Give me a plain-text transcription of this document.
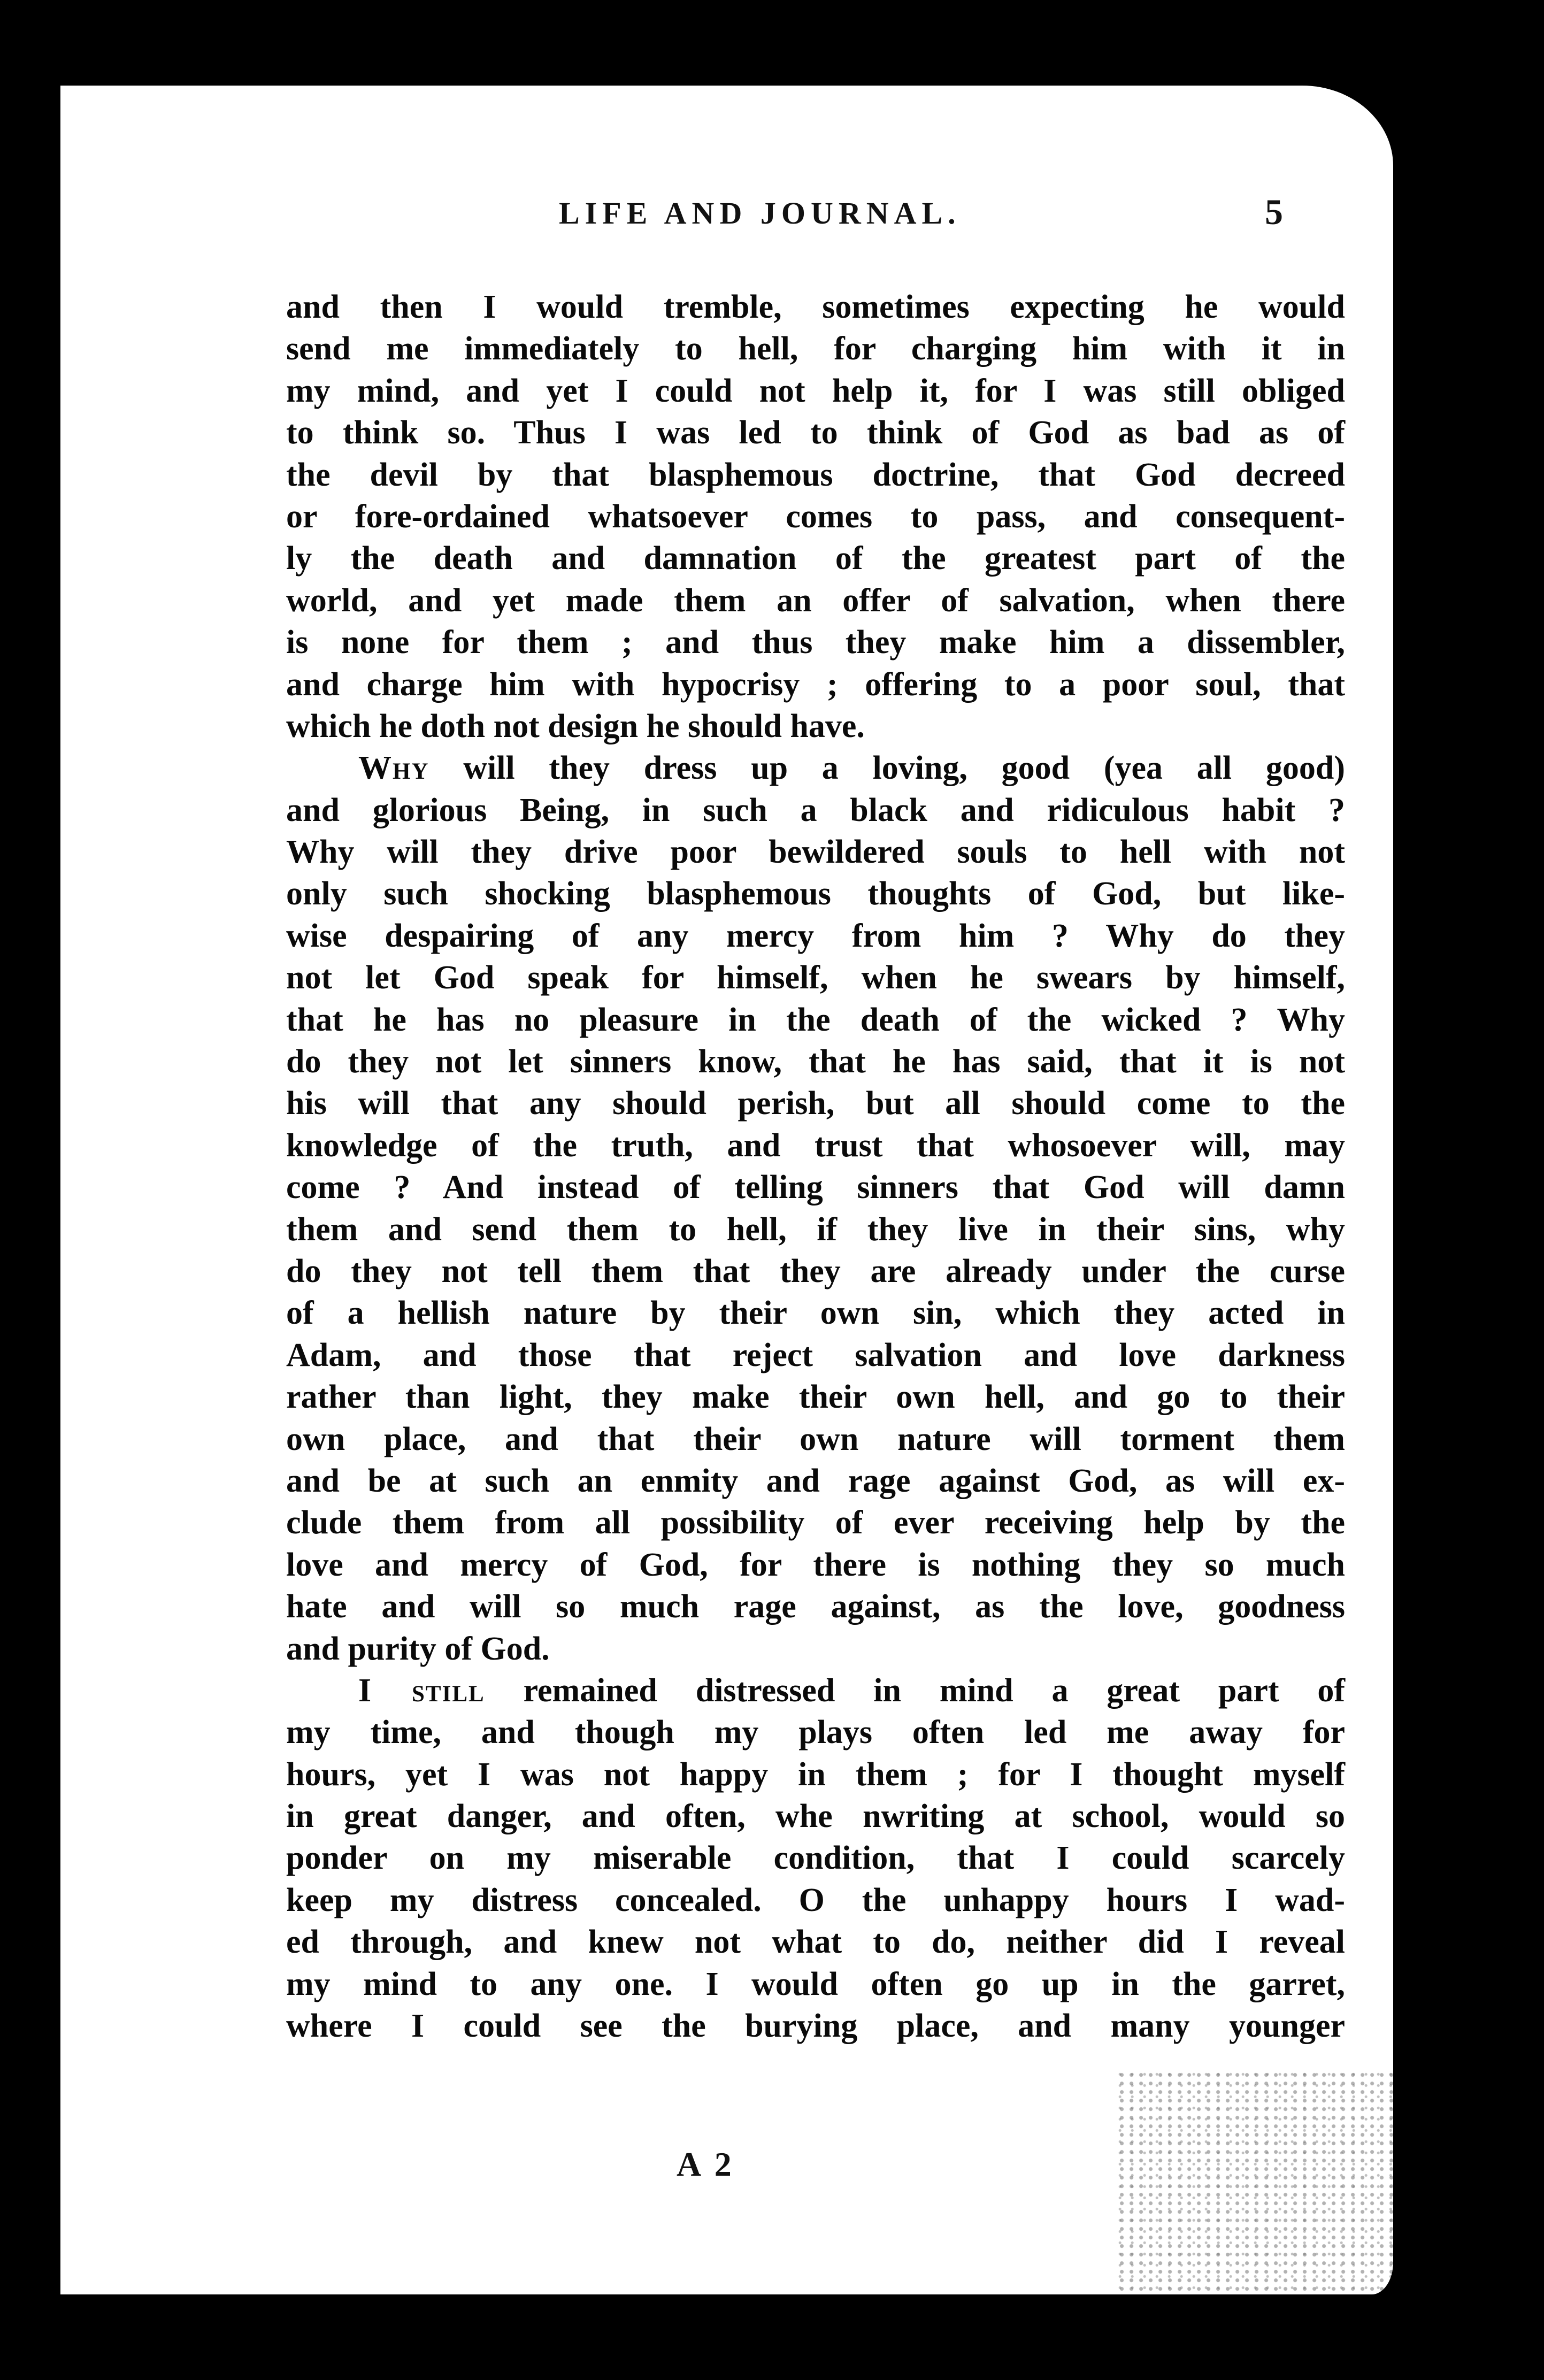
LIFE AND JOURNAL.	5
and then I would tremble, sometimes expecting he would
send me immediately to hell, for charging him with it in
my mind, and yet I could not help it, for I was still obliged
to think so. Thus I was led to think of God as bad as of
the devil by that blasphemous doctrine, that God decreed
or fore-ordained whatsoever comes to pass, and consequent-
ly the death and damnation of the greatest part of the
world, and yet made them an offer of salvation, when there
is none for them ; and thus they make him a dissembler,
and charge him with hypocrisy ; offering to a poor soul, that
which he doth not design he should have.
Why will they dress up a loving, good (yea all good)
and glorious Being, in such a black and ridiculous habit ?
Why will they drive poor bewildered souls to hell with not
only such shocking blasphemous thoughts of God, but like-
wise despairing of any mercy from him ? Why do they
not let God speak for himself, when he swears by himself,
that he has no pleasure in the death of the wicked ? Why
do they not let sinners know, that he has said, that it is not
his will that any should perish, but all should come to the
knowledge of the truth, and trust that whosoever will, may
come ? And instead of telling sinners that God will damn
them and send them to hell, if they live in their sins, why
do they not tell them that they are already under the curse
of a hellish nature by their own sin, which they acted in
Adam, and those that reject salvation and love darkness
rather than light, they make their own hell, and go to their
own place, and that their own nature will torment them
and be at such an enmity and rage against God, as will ex-
clude them from all possibility of ever receiving help by the
love and mercy of God, for there is nothing they so much
hate and will so much rage against, as the love, goodness
and purity of God.
I still remained distressed in mind a great part of
my time, and though my plays often led me away for
hours, yet I was not happy in them ; for I thought myself
in great danger, and often, whe nwriting at school, would so
ponder on my miserable condition, that I could scarcely
keep my distress concealed. O the unhappy hours I wad-
ed through, and knew not what to do, neither did I reveal
my mind to any one. I would often go up in the garret,
where I could see the burying place, and many younger
A 2
